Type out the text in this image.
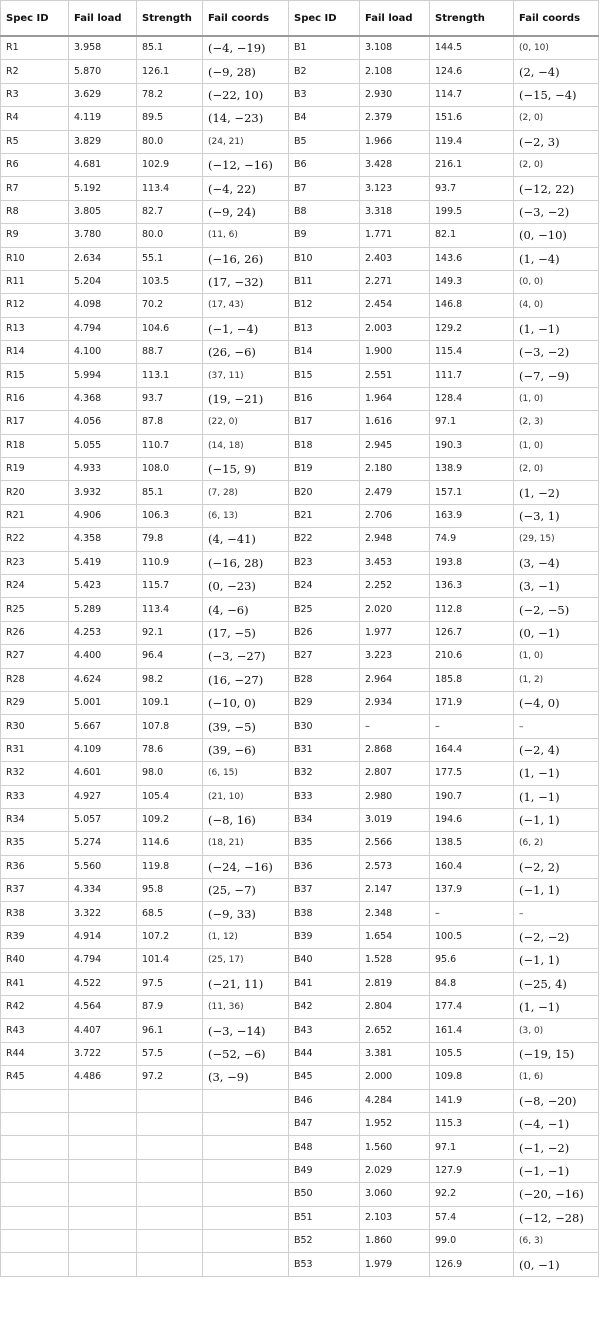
Spec ID	Fail load	Strength	Fail coords	Spec ID	Fail load	Strength	Fail coords
R1	3.958	85.1	(−4, −19)	B1	3.108	144.5	(0, 10)
R2	5.870	126.1	(−9, 28)	B2	2.108	124.6	(2, −4)
R3	3.629	78.2	(−22, 10)	B3	2.930	114.7	(−15, −4)
R4	4.119	89.5	(14, −23)	B4	2.379	151.6	(2, 0)
R5	3.829	80.0	(24, 21)	B5	1.966	119.4	(−2, 3)
R6	4.681	102.9	(−12, −16)	B6	3.428	216.1	(2, 0)
R7	5.192	113.4	(−4, 22)	B7	3.123	93.7	(−12, 22)
R8	3.805	82.7	(−9, 24)	B8	3.318	199.5	(−3, −2)
R9	3.780	80.0	(11, 6)	B9	1.771	82.1	(0, −10)
R10	2.634	55.1	(−16, 26)	B10	2.403	143.6	(1, −4)
R11	5.204	103.5	(17, −32)	B11	2.271	149.3	(0, 0)
R12	4.098	70.2	(17, 43)	B12	2.454	146.8	(4, 0)
R13	4.794	104.6	(−1, −4)	B13	2.003	129.2	(1, −1)
R14	4.100	88.7	(26, −6)	B14	1.900	115.4	(−3, −2)
R15	5.994	113.1	(37, 11)	B15	2.551	111.7	(−7, −9)
R16	4.368	93.7	(19, −21)	B16	1.964	128.4	(1, 0)
R17	4.056	87.8	(22, 0)	B17	1.616	97.1	(2, 3)
R18	5.055	110.7	(14, 18)	B18	2.945	190.3	(1, 0)
R19	4.933	108.0	(−15, 9)	B19	2.180	138.9	(2, 0)
R20	3.932	85.1	(7, 28)	B20	2.479	157.1	(1, −2)
R21	4.906	106.3	(6, 13)	B21	2.706	163.9	(−3, 1)
R22	4.358	79.8	(4, −41)	B22	2.948	74.9	(29, 15)
R23	5.419	110.9	(−16, 28)	B23	3.453	193.8	(3, −4)
R24	5.423	115.7	(0, −23)	B24	2.252	136.3	(3, −1)
R25	5.289	113.4	(4, −6)	B25	2.020	112.8	(−2, −5)
R26	4.253	92.1	(17, −5)	B26	1.977	126.7	(0, −1)
R27	4.400	96.4	(−3, −27)	B27	3.223	210.6	(1, 0)
R28	4.624	98.2	(16, −27)	B28	2.964	185.8	(1, 2)
R29	5.001	109.1	(−10, 0)	B29	2.934	171.9	(−4, 0)
R30	5.667	107.8	(39, −5)	B30	–	–	–
R31	4.109	78.6	(39, −6)	B31	2.868	164.4	(−2, 4)
R32	4.601	98.0	(6, 15)	B32	2.807	177.5	(1, −1)
R33	4.927	105.4	(21, 10)	B33	2.980	190.7	(1, −1)
R34	5.057	109.2	(−8, 16)	B34	3.019	194.6	(−1, 1)
R35	5.274	114.6	(18, 21)	B35	2.566	138.5	(6, 2)
R36	5.560	119.8	(−24, −16)	B36	2.573	160.4	(−2, 2)
R37	4.334	95.8	(25, −7)	B37	2.147	137.9	(−1, 1)
R38	3.322	68.5	(−9, 33)	B38	2.348	–	–
R39	4.914	107.2	(1, 12)	B39	1.654	100.5	(−2, −2)
R40	4.794	101.4	(25, 17)	B40	1.528	95.6	(−1, 1)
R41	4.522	97.5	(−21, 11)	B41	2.819	84.8	(−25, 4)
R42	4.564	87.9	(11, 36)	B42	2.804	177.4	(1, −1)
R43	4.407	96.1	(−3, −14)	B43	2.652	161.4	(3, 0)
R44	3.722	57.5	(−52, −6)	B44	3.381	105.5	(−19, 15)
R45	4.486	97.2	(3, −9)	B45	2.000	109.8	(1, 6)
				B46	4.284	141.9	(−8, −20)
				B47	1.952	115.3	(−4, −1)
				B48	1.560	97.1	(−1, −2)
				B49	2.029	127.9	(−1, −1)
				B50	3.060	92.2	(−20, −16)
				B51	2.103	57.4	(−12, −28)
				B52	1.860	99.0	(6, 3)
				B53	1.979	126.9	(0, −1)
